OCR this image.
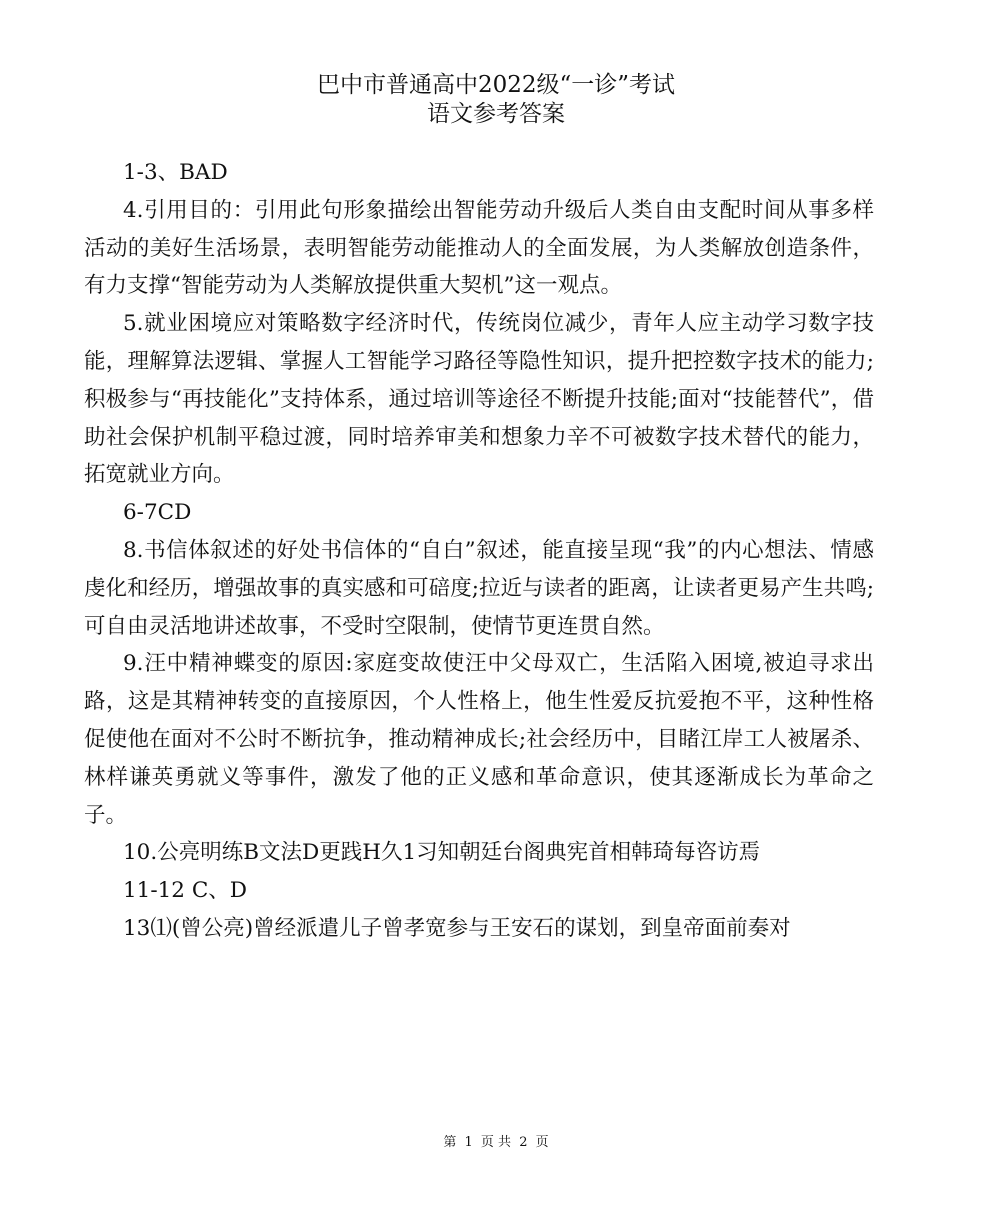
巴中市普通高中2022级“一诊”考试
语文参考答案

1-3、BAD

4.引用目的：引用此句形象描绘出智能劳动升级后人类自由支配时间从事多样活动的美好生活场景，表明智能劳动能推动人的全面发展，为人类解放创造条件，有力支撑“智能劳动为人类解放提供重大契机”这一观点。

5.就业困境应对策略数字经济时代，传统岗位减少，青年人应主动学习数字技能，理解算法逻辑、掌握人工智能学习路径等隐性知识，提升把控数字技术的能力;积极参与“再技能化”支持体系，通过培训等途径不断提升技能;面对“技能替代”，借助社会保护机制平稳过渡，同时培养审美和想象力辛不可被数字技术替代的能力，拓宽就业方向。

6-7CD

8.书信体叙述的好处书信体的“自白”叙述，能直接呈现“我”的内心想法、情感虔化和经历，增强故事的真实感和可碚度;拉近与读者的距离，让读者更易产生共鸣;可自由灵活地讲述故事，不受时空限制，使情节更连贯自然。

9.汪中精神蝶变的原因:家庭变故使汪中父母双亡，生活陷入困境,被迫寻求出路，这是其精神转变的直接原因，个人性格上，他生性爱反抗爱抱不平，这种性格促使他在面对不公时不断抗争，推动精神成长;社会经历中，目睹江岸工人被屠杀、林样谦英勇就义等事件，激发了他的正义感和革命意识，使其逐渐成长为革命之子。

10.公亮明练B文法D更践H久1习知朝廷台阁典宪首相韩琦每咨访焉

11-12 C、D

13⑴(曾公亮)曾经派遣儿子曾孝宽参与王安石的谋划，到皇帝面前奏对

第 1 页 共 2 页
